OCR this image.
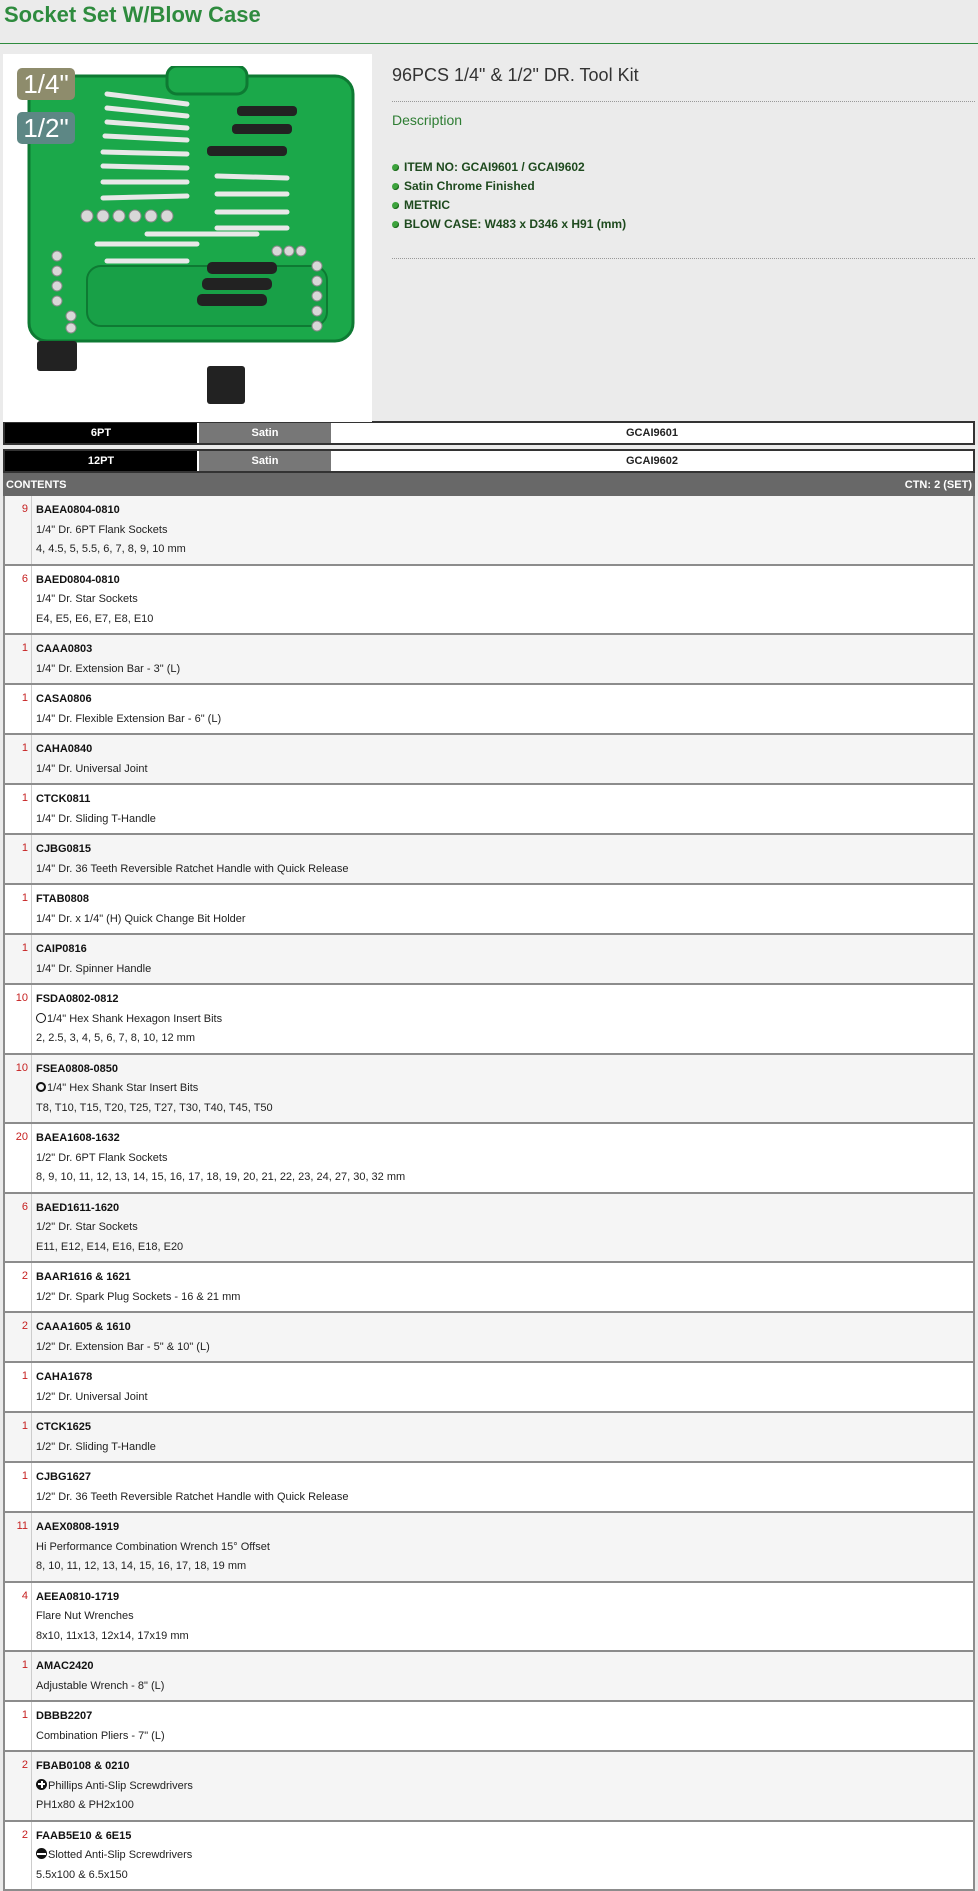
Socket Set W/Blow Case
1/4"
1/2"
96PCS 1/4" & 1/2" DR. Tool Kit
Description
ITEM NO: GCAI9601 / GCAI9602
Satin Chrome Finished
METRIC
BLOW CASE: W483 x D346 x H91 (mm)
6PT	Satin	GCAI9601
12PT	Satin	GCAI9602
CONTENTS	CTN: 2 (SET)
9 BAEA0804-0810
1/4" Dr. 6PT Flank Sockets
4, 4.5, 5, 5.5, 6, 7, 8, 9, 10 mm
6 BAED0804-0810
1/4" Dr. Star Sockets
E4, E5, E6, E7, E8, E10
1 CAAA0803
1/4" Dr. Extension Bar - 3" (L)
1 CASA0806
1/4" Dr. Flexible Extension Bar - 6" (L)
1 CAHA0840
1/4" Dr. Universal Joint
1 CTCK0811
1/4" Dr. Sliding T-Handle
1 CJBG0815
1/4" Dr. 36 Teeth Reversible Ratchet Handle with Quick Release
1 FTAB0808
1/4" Dr. x 1/4" (H) Quick Change Bit Holder
1 CAIP0816
1/4" Dr. Spinner Handle
10 FSDA0802-0812
1/4" Hex Shank Hexagon Insert Bits
2, 2.5, 3, 4, 5, 6, 7, 8, 10, 12 mm
10 FSEA0808-0850
1/4" Hex Shank Star Insert Bits
T8, T10, T15, T20, T25, T27, T30, T40, T45, T50
20 BAEA1608-1632
1/2" Dr. 6PT Flank Sockets
8, 9, 10, 11, 12, 13, 14, 15, 16, 17, 18, 19, 20, 21, 22, 23, 24, 27, 30, 32 mm
6 BAED1611-1620
1/2" Dr. Star Sockets
E11, E12, E14, E16, E18, E20
2 BAAR1616 & 1621
1/2" Dr. Spark Plug Sockets - 16 & 21 mm
2 CAAA1605 & 1610
1/2" Dr. Extension Bar - 5" & 10" (L)
1 CAHA1678
1/2" Dr. Universal Joint
1 CTCK1625
1/2" Dr. Sliding T-Handle
1 CJBG1627
1/2" Dr. 36 Teeth Reversible Ratchet Handle with Quick Release
11 AAEX0808-1919
Hi Performance Combination Wrench 15° Offset
8, 10, 11, 12, 13, 14, 15, 16, 17, 18, 19 mm
4 AEEA0810-1719
Flare Nut Wrenches
8x10, 11x13, 12x14, 17x19 mm
1 AMAC2420
Adjustable Wrench - 8" (L)
1 DBBB2207
Combination Pliers - 7" (L)
2 FBAB0108 & 0210
Phillips Anti-Slip Screwdrivers
PH1x80 & PH2x100
2 FAAB5E10 & 6E15
Slotted Anti-Slip Screwdrivers
5.5x100 & 6.5x150
